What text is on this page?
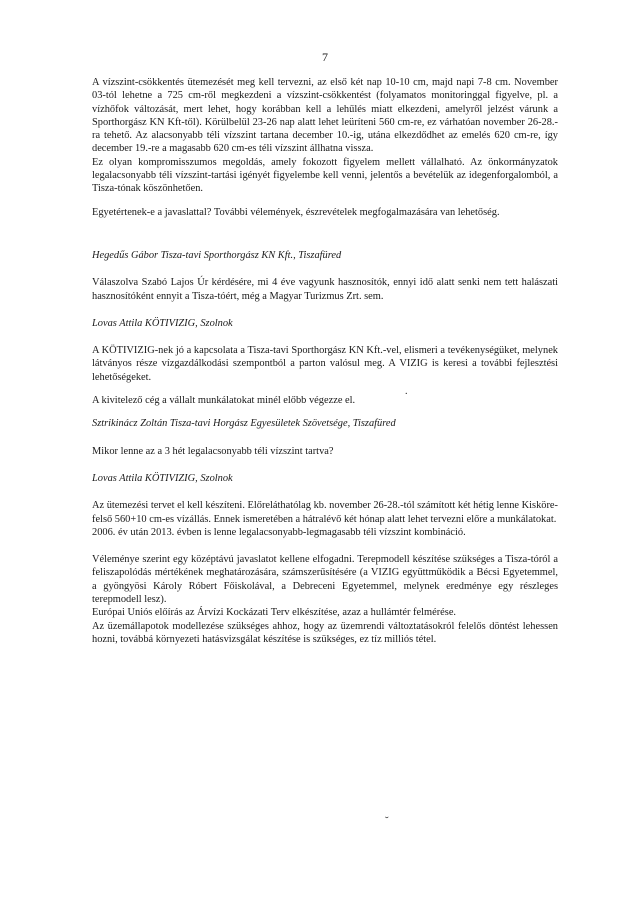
7

A vízszint-csökkentés ütemezését meg kell tervezni, az első két nap 10-10 cm, majd napi 7-8 cm. November 03-tól lehetne a 725 cm-ről megkezdeni a vízszint-csökkentést (folyamatos monitoringgal figyelve, pl. a vízhőfok változását, mert lehet, hogy korábban kell a lehűlés miatt elkezdeni, amelyről jelzést várunk a Sporthorgász KN Kft-től). Körülbelül 23-26 nap alatt lehet leüríteni 560 cm-re, ez várhatóan november 26-28.-ra tehető. Az alacsonyabb téli vízszint tartana december 10.-ig, utána elkezdődhet az emelés 620 cm-re, így december 19.-re a magasabb 620 cm-es téli vízszint állhatna vissza.

Ez olyan kompromisszumos megoldás, amely fokozott figyelem mellett vállalható. Az önkormányzatok legalacsonyabb téli vízszint-tartási igényét figyelembe kell venni, jelentős a bevételük az idegenforgalomból, a Tisza-tónak köszönhetően.

Egyetértenek-e a javaslattal? További vélemények, észrevételek megfogalmazására van lehetőség.

Hegedűs Gábor Tisza-tavi Sporthorgász KN Kft., Tiszafüred

Válaszolva Szabó Lajos Úr kérdésére, mi 4 éve vagyunk hasznosítók, ennyi idő alatt senki nem tett halászati hasznosítóként ennyit a Tisza-tóért, még a Magyar Turizmus Zrt. sem.

Lovas Attila KÖTIVIZIG, Szolnok

A KÖTIVIZIG-nek jó a kapcsolata a Tisza-tavi Sporthorgász KN Kft.-vel, elismeri a tevékenységüket, melynek látványos része vízgazdálkodási szempontból a parton valósul meg. A VIZIG is keresi a további fejlesztési lehetőségeket.

A kivitelező cég a vállalt munkálatokat minél előbb végezze el.

Sztrikinácz Zoltán Tisza-tavi Horgász Egyesületek Szövetsége, Tiszafüred

Mikor lenne az a 3 hét legalacsonyabb téli vízszint tartva?

Lovas Attila KÖTIVIZIG, Szolnok

Az ütemezési tervet el kell készíteni. Előreláthatólag kb. november 26-28.-tól számított két hétig lenne Kisköre-felső 560+10 cm-es vízállás. Ennek ismeretében a hátralévő két hónap alatt lehet tervezni előre a munkálatokat.

2006. év után 2013. évben is lenne legalacsonyabb-legmagasabb téli vízszint kombináció.

Véleménye szerint egy középtávú javaslatot kellene elfogadni. Terepmodell készítése szükséges a Tisza-tóról a feliszapolódás mértékének meghatározására, számszerűsítésére (a VIZIG együttműködik a Bécsi Egyetemmel, a gyöngyösi Károly Róbert Főiskolával, a Debreceni Egyetemmel, melynek eredménye egy részleges terepmodell lesz).

Európai Uniós előírás az Árvízi Kockázati Terv elkészítése, azaz a hullámtér felmérése.

Az üzemállapotok modellezése szükséges ahhoz, hogy az üzemrendi változtatásokról felelős döntést lehessen hozni, továbbá környezeti hatásvizsgálat készítése is szükséges, ez tíz milliós tétel.

.
˘
